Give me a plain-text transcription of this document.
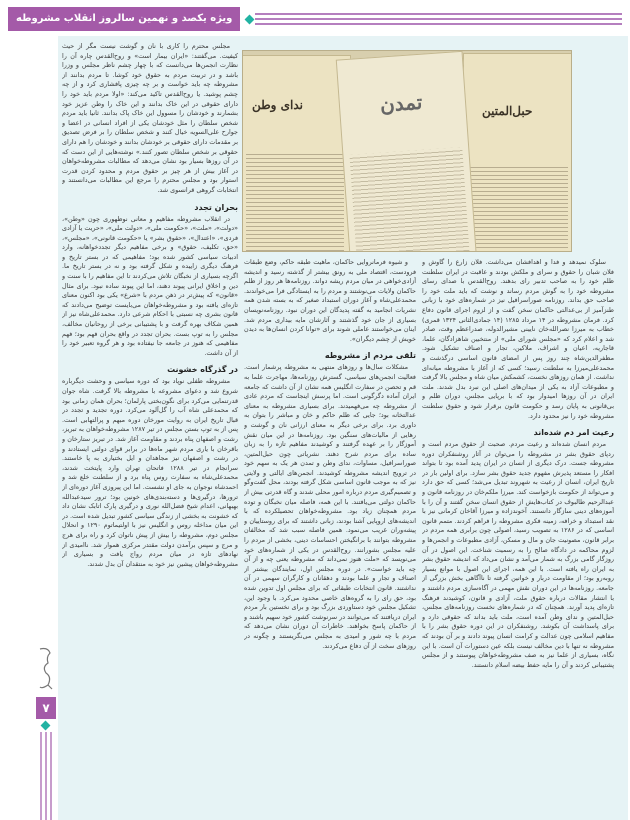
ویژه یکصد و نهمین سالروز انقلاب مشروطه
۷
ندای وطن	حبل‌المتین
تمدن

مجلس محترم را کاری با نان و گوشت نیست مگر از حیث کیفیت. می‌گفتند: «ایران بیمار است» و روح‌القدس چاره آن را نظارت انجمن‌ها می‌دانست که با چهار چشم ناظر مجلس و وزرا باشد و در تربیت مردم به حقوق خود کوشا. تا مردم بدانند از مشروطه چه باید خواست و بر چه چیزی پافشاری کرد و از چه چشم پوشید. یا روح‌القدس تاکید می‌کند: «اولا مردم باید خود را دارای حقوقی در این خاک بدانند و این خاک را وطن عزیز خود بشمارند و خودشان را مسوول این خاک پاک بدانند. ثانیا باید مردم شخص سلطان را مثل خودشان یکی از افراد انسانی در اعضا و جوارح علی‌السویه خیال کنند و شخص سلطان را بر فرض تصدیق بر مقدمات دارای حقوقی بر خودشان بدانند و خودشان را هم دارای حقوقی بر شخص سلطان تصور کنند.» نوشته‌هایی از این دست که در آن روزها بسیار بود نشان می‌دهد که مطالبات مشروطه‌خواهان در آغاز بیش از هر چیز بر حقوق مردم و محدود کردن قدرت استوار بود و مجلس محترم را مرجع این مطالبات می‌دانستند و انتخابات گروهی قرانسوی شد.

بحران تجدد

در انقلاب مشروطه مفاهیم و معانی نوظهوری چون «وطن»، «دولت»، «ملت»، «حکومت ملی»، «دولت ملی»، «حریت یا آزادی فردی»، «اعتدال»، «حقوق بشر» یا «حکومت قانونی»، «مجلس»، «حق، تکلیف، حقوق» و برخی مفاهیم دیگر تجددخواهانه، وارد ادبیات سیاسی کشور شده بود؛ مفاهیمی که در بستر تاریخ و فرهنگ دیگری زاییده و شکل گرفته بود و نه در بستر تاریخ ما. اگرچه بسیاری از نخبگان تلاش می‌کردند تا این مفاهیم را با سنت و دین و اخلاق ایرانی پیوند دهند، اما این پیوند ساده نبود. برای مثال «قانون» که پیش‌تر در ذهن مردم با «شرع» یکی بود اکنون معنای تازه‌ای یافته بود و مشروطه‌خواهان می‌بایست توضیح می‌دادند که قانون بشری چه نسبتی با احکام شرعی دارد. محمدعلی‌شاه نیز از همین شکاف بهره گرفت و با پشتیبانی برخی از روحانیان مخالف، مجلس را به توپ بست. بحران تجدد در واقع بحران فهم بود؛ فهم مفاهیمی که هنوز در جامعه جا نیفتاده بود و هر گروه تعبیر خود را از آن داشت.

در گذرگاه خشونت

مشروطه طفلی نوپاد بود که دوره سیاسی و وحشت دیگرباره شروع شد و دعوای مشروعه با مشروطه بالا گرفت. شاه جوان قدرتنمایی می‌کرد برای نگون‌بختی پارلمان؛ بحران همان زمانی بود که محمدعلی شاه آب را گل‌آلود می‌کرد. دوره تجدید و تجدد در قبال تاریخ ایران به روایت مورخان دوره مبهم و پرالتهابی است. پس از به توپ بستن مجلس در تیر ۱۲۸۷ مشروطه‌خواهان به تبریز، رشت و اصفهان پناه بردند و مقاومت آغاز شد. در تبریز ستارخان و باقرخان با یاری مردم شهر ماه‌ها در برابر قوای دولتی ایستادند و در رشت و اصفهان نیز مجاهدان و ایل بختیاری به پا خاستند. سرانجام در تیر ۱۲۸۸ فاتحان تهران وارد پایتخت شدند، محمدعلی‌شاه به سفارت روس پناه برد و از سلطنت خلع شد و احمدشاه نوجوان به جای او نشست. اما این پیروزی آغاز دوره‌ای از ترورها، درگیری‌ها و دسته‌بندی‌های خونین بود؛ ترور سیدعبدالله بهبهانی، اعدام شیخ فضل‌الله نوری و درگیری پارک اتابک نشان داد که خشونت به بخشی از زندگی سیاسی کشور تبدیل شده است. در این میان مداخله روس و انگلیس نیز با اولتیماتوم ۱۲۹۰ و انحلال مجلس دوم، مشروطه را بیش از پیش ناتوان کرد و راه برای هرج و مرج و سپس برآمدن دولت مقتدر مرکزی هموار شد. ناامیدی از نهادهای تازه در میان مردم رواج یافت و بسیاری از مشروطه‌خواهان پیشین نیز خود به منتقدان آن بدل شدند.

و شیوه فرمانروایی حاکمان، ماهیت طبقه حاکم، وضع طبقات فرودست، اقتصاد ملی به رونق بیشتر از گذشته رسید و اندیشه آزادی‌خواهی در میان مردم ریشه دواند. روزنامه‌ها هر روز از ظلم حاکمان ولایات می‌نوشتند و مردم را به ایستادگی فرا می‌خواندند. محمدعلی‌شاه و آغاز دوران استبداد صغیر که به بسته شدن همه نشریات انجامید به گفته پدیدگان این دوران نبود. روزنامه‌نویسان بسیاری از جان خود گذشتند و آثارشان مایه بیداری مردم شد. اینان می‌خواستند عاملی شوند برای «توانا کردن انسان‌ها به دیدن خویش از چشم دیگران».

تلقی مردم از مشروطه

مشکلات سال‌ها و روزهای منتهی به مشروطه پرشمار است. فعالیت انجمن‌های سیاسی، گسترش روزنامه‌ها، مهاجرت علما به قم و تحصن در سفارت انگلیس همه نشان از آن داشت که جامعه ایران آماده دگرگونی است. اما پرسش اینجاست که مردم عادی از مشروطه چه می‌فهمیدند. برای بسیاری مشروطه به معنای عدالتخانه بود؛ جایی که ظلم حاکم و خان و مباشر را بتوان به داوری برد. برای برخی دیگر به معنای ارزانی نان و گوشت و رهایی از مالیات‌های سنگین بود. روزنامه‌ها در این میان نقش آموزگار را بر عهده گرفتند و کوشیدند مفاهیم تازه را به زبان ساده برای مردم شرح دهند. نشریاتی چون حبل‌المتین، صوراسرافیل، مساوات، ندای وطن و تمدن هر یک به سهم خود در ترویج اندیشه مشروطه کوشیدند. انجمن‌های ایالتی و ولایتی نیز که به موجب قانون اساسی شکل گرفته بودند، محل گفت‌وگو و تصمیم‌گیری مردم درباره امور محلی شدند و گاه قدرتی بیش از حاکمان دولتی می‌یافتند. با این همه، فاصله میان نخبگان و توده مردم همچنان زیاد بود. مشروطه‌خواهان تحصیلکرده که با اندیشه‌های اروپایی آشنا بودند، زبانی داشتند که برای روستاییان و پیشه‌وران غریب می‌نمود. همین فاصله سبب شد که مخالفان مشروطه بتوانند با برانگیختن احساسات دینی، بخشی از مردم را علیه مجلس بشورانند. روح‌القدس در یکی از شماره‌های خود می‌نویسد که «ملت هنوز نمی‌داند که مشروطه یعنی چه و از آن چه باید خواست». در دوره مجلس اول، نمایندگان بیشتر از اصناف و تجار و علما بودند و دهقانان و کارگران سهمی در آن نداشتند. قانون انتخابات طبقاتی که برای مجلس اول تدوین شده بود، حق رای را به گروه‌های خاصی محدود می‌کرد. با وجود این، تشکیل مجلس خود دستاوردی بزرگ بود و برای نخستین بار مردم ایران دریافتند که می‌توانند در سرنوشت کشور خود سهیم باشند و از حاکمان پاسخ بخواهند. خاطرات آن دوران نشان می‌دهد که مردم با چه شور و امیدی به مجلس می‌نگریستند و چگونه در روزهای سخت از آن دفاع می‌کردند.

سلوک نمیدهد و فدا و اهدافشان می‌داشت. فلان زارع را گاوش و فلان شبان را حقوق و سرای و ملکش بودند و عاقبت در ایران سلطنت ظلم خود را به صاحب تدبیر رای بدهند. روح‌القدس با صدای رسای مشروطه خود را به گوش مردم رساند و نوشت که باید ملت خود را صاحب حق بداند. روزنامه صوراسرافیل نیز در شماره‌های خود با زبانی طنزآمیز از بی‌عدالتی حاکمان سخن گفت و از لزوم اجرای قانون دفاع کرد. فرمان مشروطه در ۱۴ مرداد ۱۲۸۵ (۱۴ جمادی‌الثانی ۱۳۲۴ قمری) خطاب به میرزا نصرالله‌خان نایینی مشیرالدوله، صدراعظم وقت، صادر شد و اعلام کرد که «مجلس شورای ملی» از منتخبین شاهزادگان، علما، قاجاریه، اعیان و اشراف، ملاکین، تجار و اصناف تشکیل شود. مظفرالدین‌شاه چند روز پس از امضای قانون اساسی درگذشت و محمدعلی‌میرزا به سلطنت رسید؛ کسی که از آغاز با مشروطه میانه‌ای نداشت. از همان روزهای نخست، کشمکش میان شاه و مجلس بالا گرفت و مطبوعات آزاد به یکی از میدان‌های اصلی این نبرد بدل شدند. ملت ایران در آن روزها امیدوار بود که با برپایی مجلس، دوران ظلم و بی‌قانونی به پایان رسد و حکومت قانون برقرار شود و حقوق سلطنت مشروطه خود را نیز محدود دارد.

رعیت امر دم شده‌اند

مردم انسان شده‌اند و رعیت مردم. صحبت از حقوق مردم است و ردپای حقوق بشر در مشروطه را می‌توان در آثار روشنفکران دوره مشروطه جست. درک دیگری از انسان در ایران پدید آمده بود تا بتواند افکار را مستعد پذیرش مفهوم جدید حقوق بشر سازد. برای اولین بار در تاریخ ایران، انسان از رعیت به شهروند تبدیل می‌شد؛ کسی که حق دارد و می‌تواند از حکومت بازخواست کند. میرزا ملکم‌خان در روزنامه قانون و عبدالرحیم طالبوف در کتاب‌هایش از حقوق انسان سخن گفتند و آن را با آموزه‌های دینی سازگار دانستند. آخوندزاده و میرزا آقاخان کرمانی نیز با نقد استبداد و خرافه، زمینه فکری مشروطه را فراهم کردند. متمم قانون اساسی که در ۱۲۸۶ به تصویب رسید، اصولی چون برابری همه مردم در برابر قانون، مصونیت جان و مال و مسکن، آزادی مطبوعات و انجمن‌ها و لزوم محاکمه در دادگاه صالح را به رسمیت شناخت. این اصول در آن روزگار گامی بزرگ به شمار می‌آمد و نشان می‌داد که اندیشه حقوق بشر به ایران راه یافته است. با این همه، اجرای این اصول با موانع بسیار روبه‌رو بود؛ از مقاومت دربار و خوانین گرفته تا ناآگاهی بخش بزرگی از جامعه. روزنامه‌ها در این دوران نقش مهمی در آگاه‌سازی مردم داشتند و با انتشار مقالات درباره حقوق ملت، آزادی و قانون، کوشیدند فرهنگ تازه‌ای پدید آورند. همچنان که در شماره‌های نخست روزنامه‌های مجلس، حبل‌المتین و ندای وطن آمده است، ملت باید بداند که حقوقی دارد و برای پاسداشت آن بکوشد. روشنفکران در این دوره حقوق بشر را با مفاهیم اسلامی چون عدالت و کرامت انسان پیوند دادند و بر آن بودند که مشروطه نه تنها با دین مخالف نیست بلکه عین دستورات آن است. با این نگاه، بسیاری از علما نیز به صف مشروطه‌خواهان پیوستند و از مجلس پشتیبانی کردند و آن را مایه حفظ بیضه اسلام دانستند.
